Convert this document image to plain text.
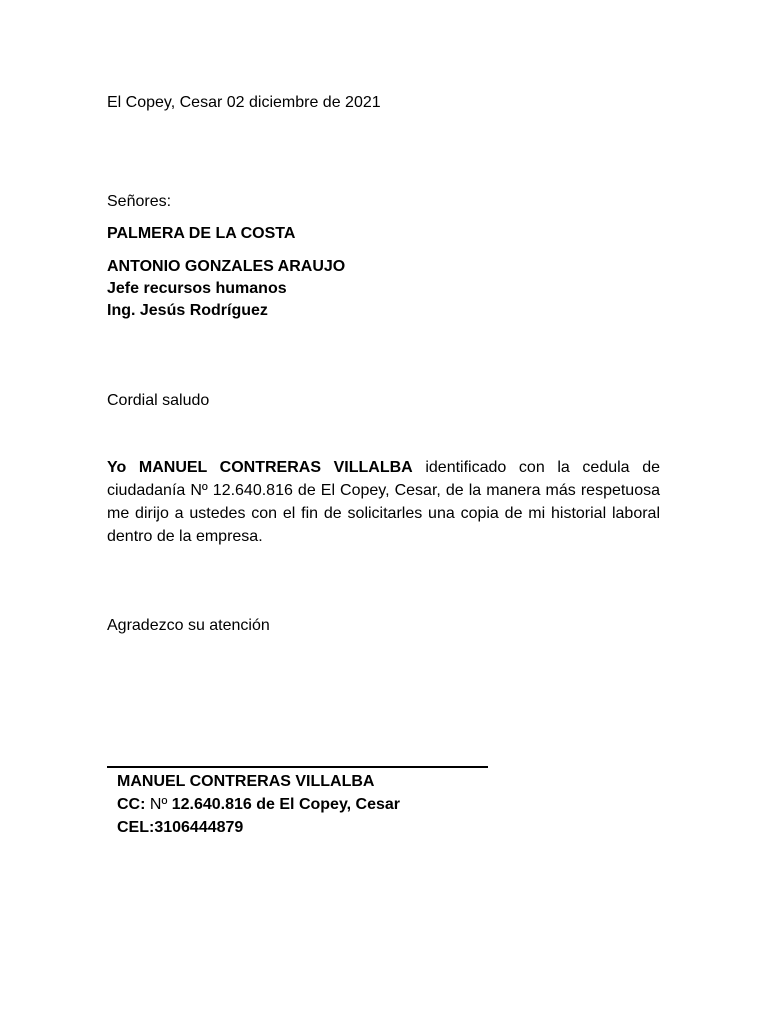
El Copey, Cesar 02 diciembre de 2021
Señores:
PALMERA DE LA COSTA
ANTONIO GONZALES ARAUJO
Jefe recursos humanos
Ing. Jesús Rodríguez
Cordial saludo
Yo MANUEL CONTRERAS VILLALBA identificado con la cedula de ciudadanía Nº 12.640.816 de El Copey, Cesar, de la manera más respetuosa me dirijo a ustedes con el fin de solicitarles una copia de mi historial laboral dentro de la empresa.
Agradezco su atención
MANUEL CONTRERAS VILLALBA
CC: Nº 12.640.816 de El Copey, Cesar
CEL:3106444879
